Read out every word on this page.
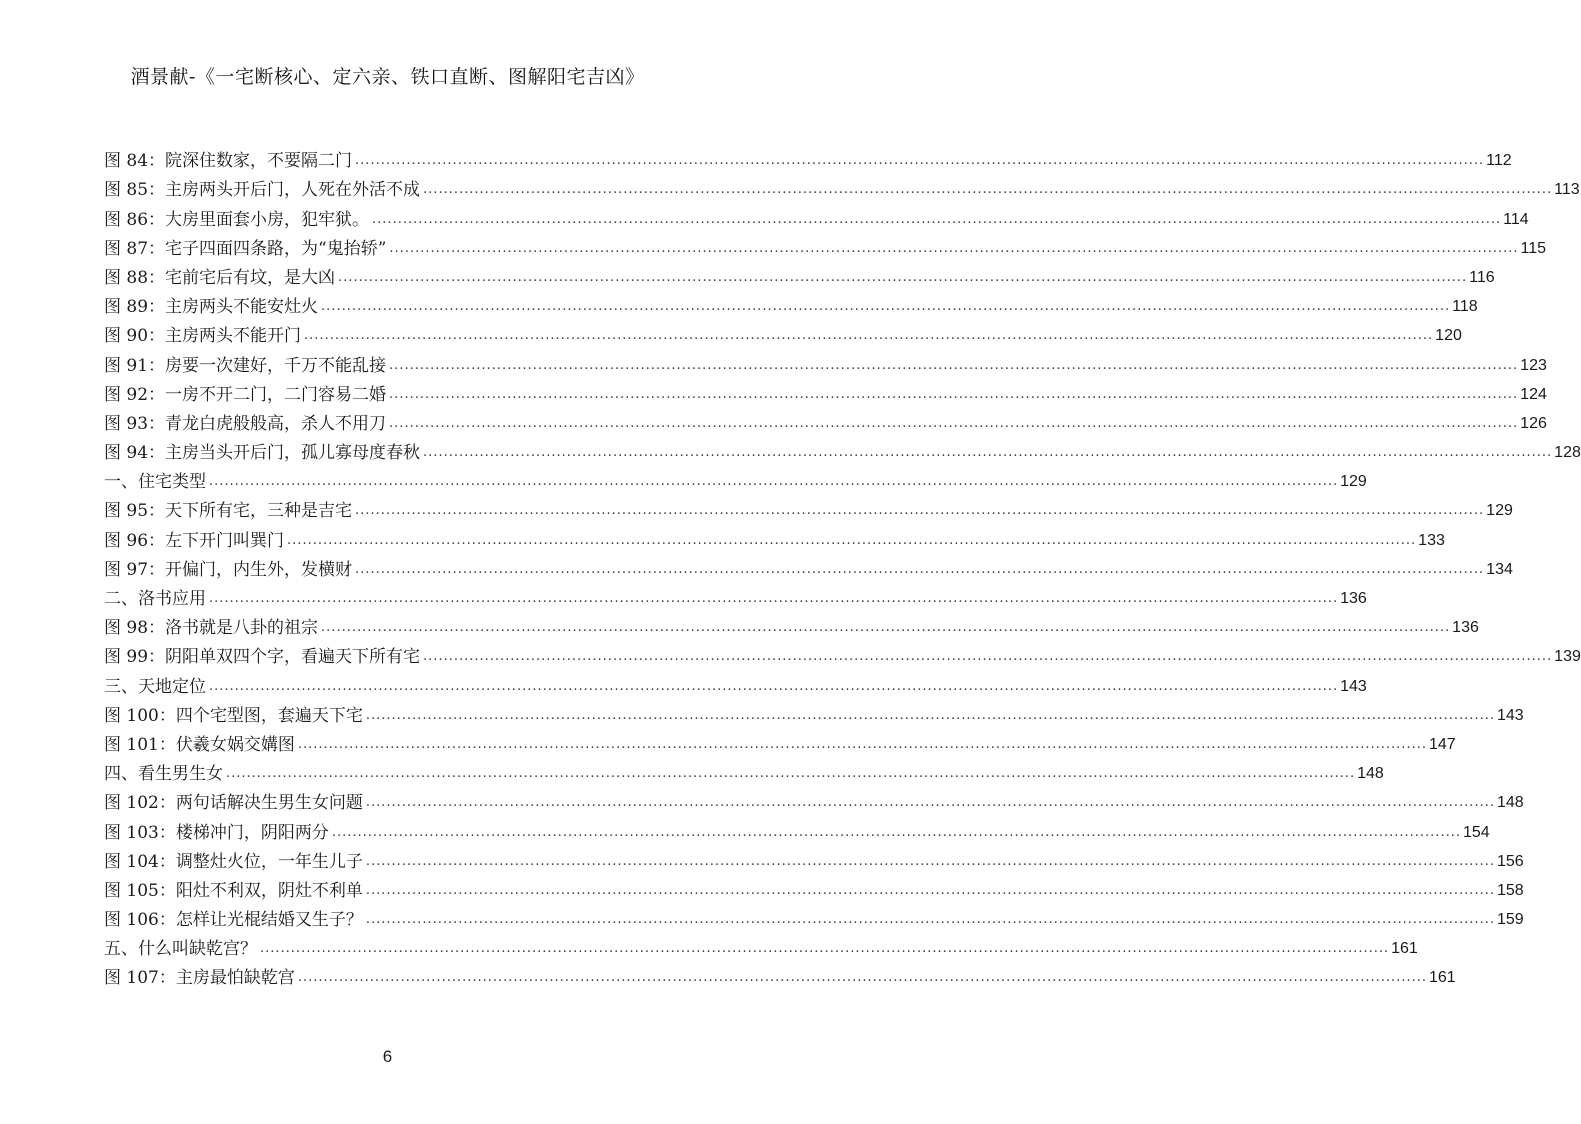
酒景献-《一宅断核心、定六亲、铁口直断、图解阳宅吉凶》
图 84：院深住数家，不要隔二门 ............................................................................................................................................................................................................................ 112
图 85：主房两头开后门，人死在外活不成 ............................................................................................................................................................................................................................ 113
图 86：大房里面套小房，犯牢狱。 ............................................................................................................................................................................................................................ 114
图 87：宅子四面四条路，为“鬼抬轿” ............................................................................................................................................................................................................................ 115
图 88：宅前宅后有坟，是大凶 ............................................................................................................................................................................................................................ 116
图 89：主房两头不能安灶火 ............................................................................................................................................................................................................................ 118
图 90：主房两头不能开门 ............................................................................................................................................................................................................................ 120
图 91：房要一次建好，千万不能乱接 ............................................................................................................................................................................................................................ 123
图 92：一房不开二门，二门容易二婚 ............................................................................................................................................................................................................................ 124
图 93：青龙白虎般般高，杀人不用刀 ............................................................................................................................................................................................................................ 126
图 94：主房当头开后门，孤儿寡母度春秋 ............................................................................................................................................................................................................................ 128
一、住宅类型 ............................................................................................................................................................................................................................ 129
图 95：天下所有宅，三种是吉宅 ............................................................................................................................................................................................................................ 129
图 96：左下开门叫巽门 ............................................................................................................................................................................................................................ 133
图 97：开偏门，内生外，发横财 ............................................................................................................................................................................................................................ 134
二、洛书应用 ............................................................................................................................................................................................................................ 136
图 98：洛书就是八卦的祖宗 ............................................................................................................................................................................................................................ 136
图 99：阴阳单双四个字，看遍天下所有宅 ............................................................................................................................................................................................................................ 139
三、天地定位 ............................................................................................................................................................................................................................ 143
图 100：四个宅型图，套遍天下宅 ............................................................................................................................................................................................................................ 143
图 101：伏羲女娲交媾图 ............................................................................................................................................................................................................................ 147
四、看生男生女 ............................................................................................................................................................................................................................ 148
图 102：两句话解决生男生女问题 ............................................................................................................................................................................................................................ 148
图 103：楼梯冲门，阴阳两分 ............................................................................................................................................................................................................................ 154
图 104：调整灶火位，一年生儿子 ............................................................................................................................................................................................................................ 156
图 105：阳灶不利双，阴灶不利单 ............................................................................................................................................................................................................................ 158
图 106：怎样让光棍结婚又生子？ ............................................................................................................................................................................................................................ 159
五、什么叫缺乾宫？ ............................................................................................................................................................................................................................ 161
图 107：主房最怕缺乾宫 ............................................................................................................................................................................................................................ 161
6
